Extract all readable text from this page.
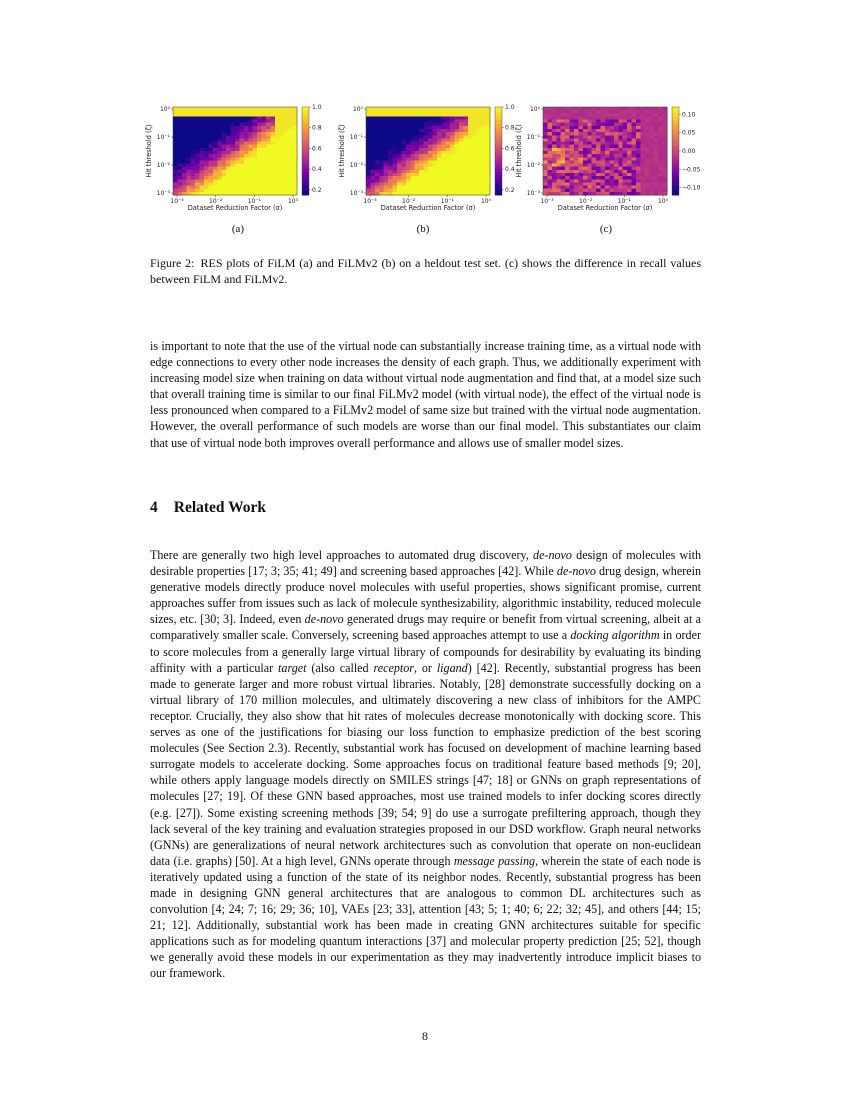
10⁻³	10⁻²	10⁻¹	10⁰
10⁰
10⁻¹
10⁻²
10⁻³
Dataset Reduction Factor (σ)
Hit threshold (ζ)
1.0
0.8
0.6
0.4
0.2
10⁻³	10⁻²	10⁻¹	10⁰
10⁰
10⁻¹
10⁻²
10⁻³
Dataset Reduction Factor (σ)
Hit threshold (ζ)
1.0
0.8
0.6
0.4
0.2
10⁻³	10⁻²	10⁻¹	10⁰
10⁰
10⁻¹
10⁻²
10⁻³
Dataset Reduction Factor (σ)
Hit threshold (ζ)
0.10
0.05
0.00
−0.05
−0.10
(a)	(b)	(c)
Figure 2: RES plots of FiLM (a) and FiLMv2 (b) on a heldout test set. (c) shows the difference in recall values between FiLM and FiLMv2.
is important to note that the use of the virtual node can substantially increase training time, as a virtual node with edge connections to every other node increases the density of each graph. Thus, we additionally experiment with increasing model size when training on data without virtual node augmentation and find that, at a model size such that overall training time is similar to our final FiLMv2 model (with virtual node), the effect of the virtual node is less pronounced when compared to a FiLMv2 model of same size but trained with the virtual node augmentation. However, the overall performance of such models are worse than our final model. This substantiates our claim that use of virtual node both improves overall performance and allows use of smaller model sizes.
4 Related Work
There are generally two high level approaches to automated drug discovery, de-novo design of molecules with desirable properties [17; 3; 35; 41; 49] and screening based approaches [42]. While de-novo drug design, wherein generative models directly produce novel molecules with useful properties, shows significant promise, current approaches suffer from issues such as lack of molecule synthesizability, algorithmic instability, reduced molecule sizes, etc. [30; 3]. Indeed, even de-novo generated drugs may require or benefit from virtual screening, albeit at a comparatively smaller scale. Conversely, screening based approaches attempt to use a docking algorithm in order to score molecules from a generally large virtual library of compounds for desirability by evaluating its binding affinity with a particular target (also called receptor, or ligand) [42]. Recently, substantial progress has been made to generate larger and more robust virtual libraries. Notably, [28] demonstrate successfully docking on a virtual library of 170 million molecules, and ultimately discovering a new class of inhibitors for the AMPC receptor. Crucially, they also show that hit rates of molecules decrease monotonically with docking score. This serves as one of the justifications for biasing our loss function to emphasize prediction of the best scoring molecules (See Section 2.3). Recently, substantial work has focused on development of machine learning based surrogate models to accelerate docking. Some approaches focus on traditional feature based methods [9; 20], while others apply language models directly on SMILES strings [47; 18] or GNNs on graph representations of molecules [27; 19]. Of these GNN based approaches, most use trained models to infer docking scores directly (e.g. [27]). Some existing screening methods [39; 54; 9] do use a surrogate prefiltering approach, though they lack several of the key training and evaluation strategies proposed in our DSD workflow. Graph neural networks (GNNs) are generalizations of neural network architectures such as convolution that operate on non-euclidean data (i.e. graphs) [50]. At a high level, GNNs operate through message passing, wherein the state of each node is iteratively updated using a function of the state of its neighbor nodes. Recently, substantial progress has been made in designing GNN general architectures that are analogous to common DL architectures such as convolution [4; 24; 7; 16; 29; 36; 10], VAEs [23; 33], attention [43; 5; 1; 40; 6; 22; 32; 45], and others [44; 15; 21; 12]. Additionally, substantial work has been made in creating GNN architectures suitable for specific applications such as for modeling quantum interactions [37] and molecular property prediction [25; 52], though we generally avoid these models in our experimentation as they may inadvertently introduce implicit biases to our framework.
8
